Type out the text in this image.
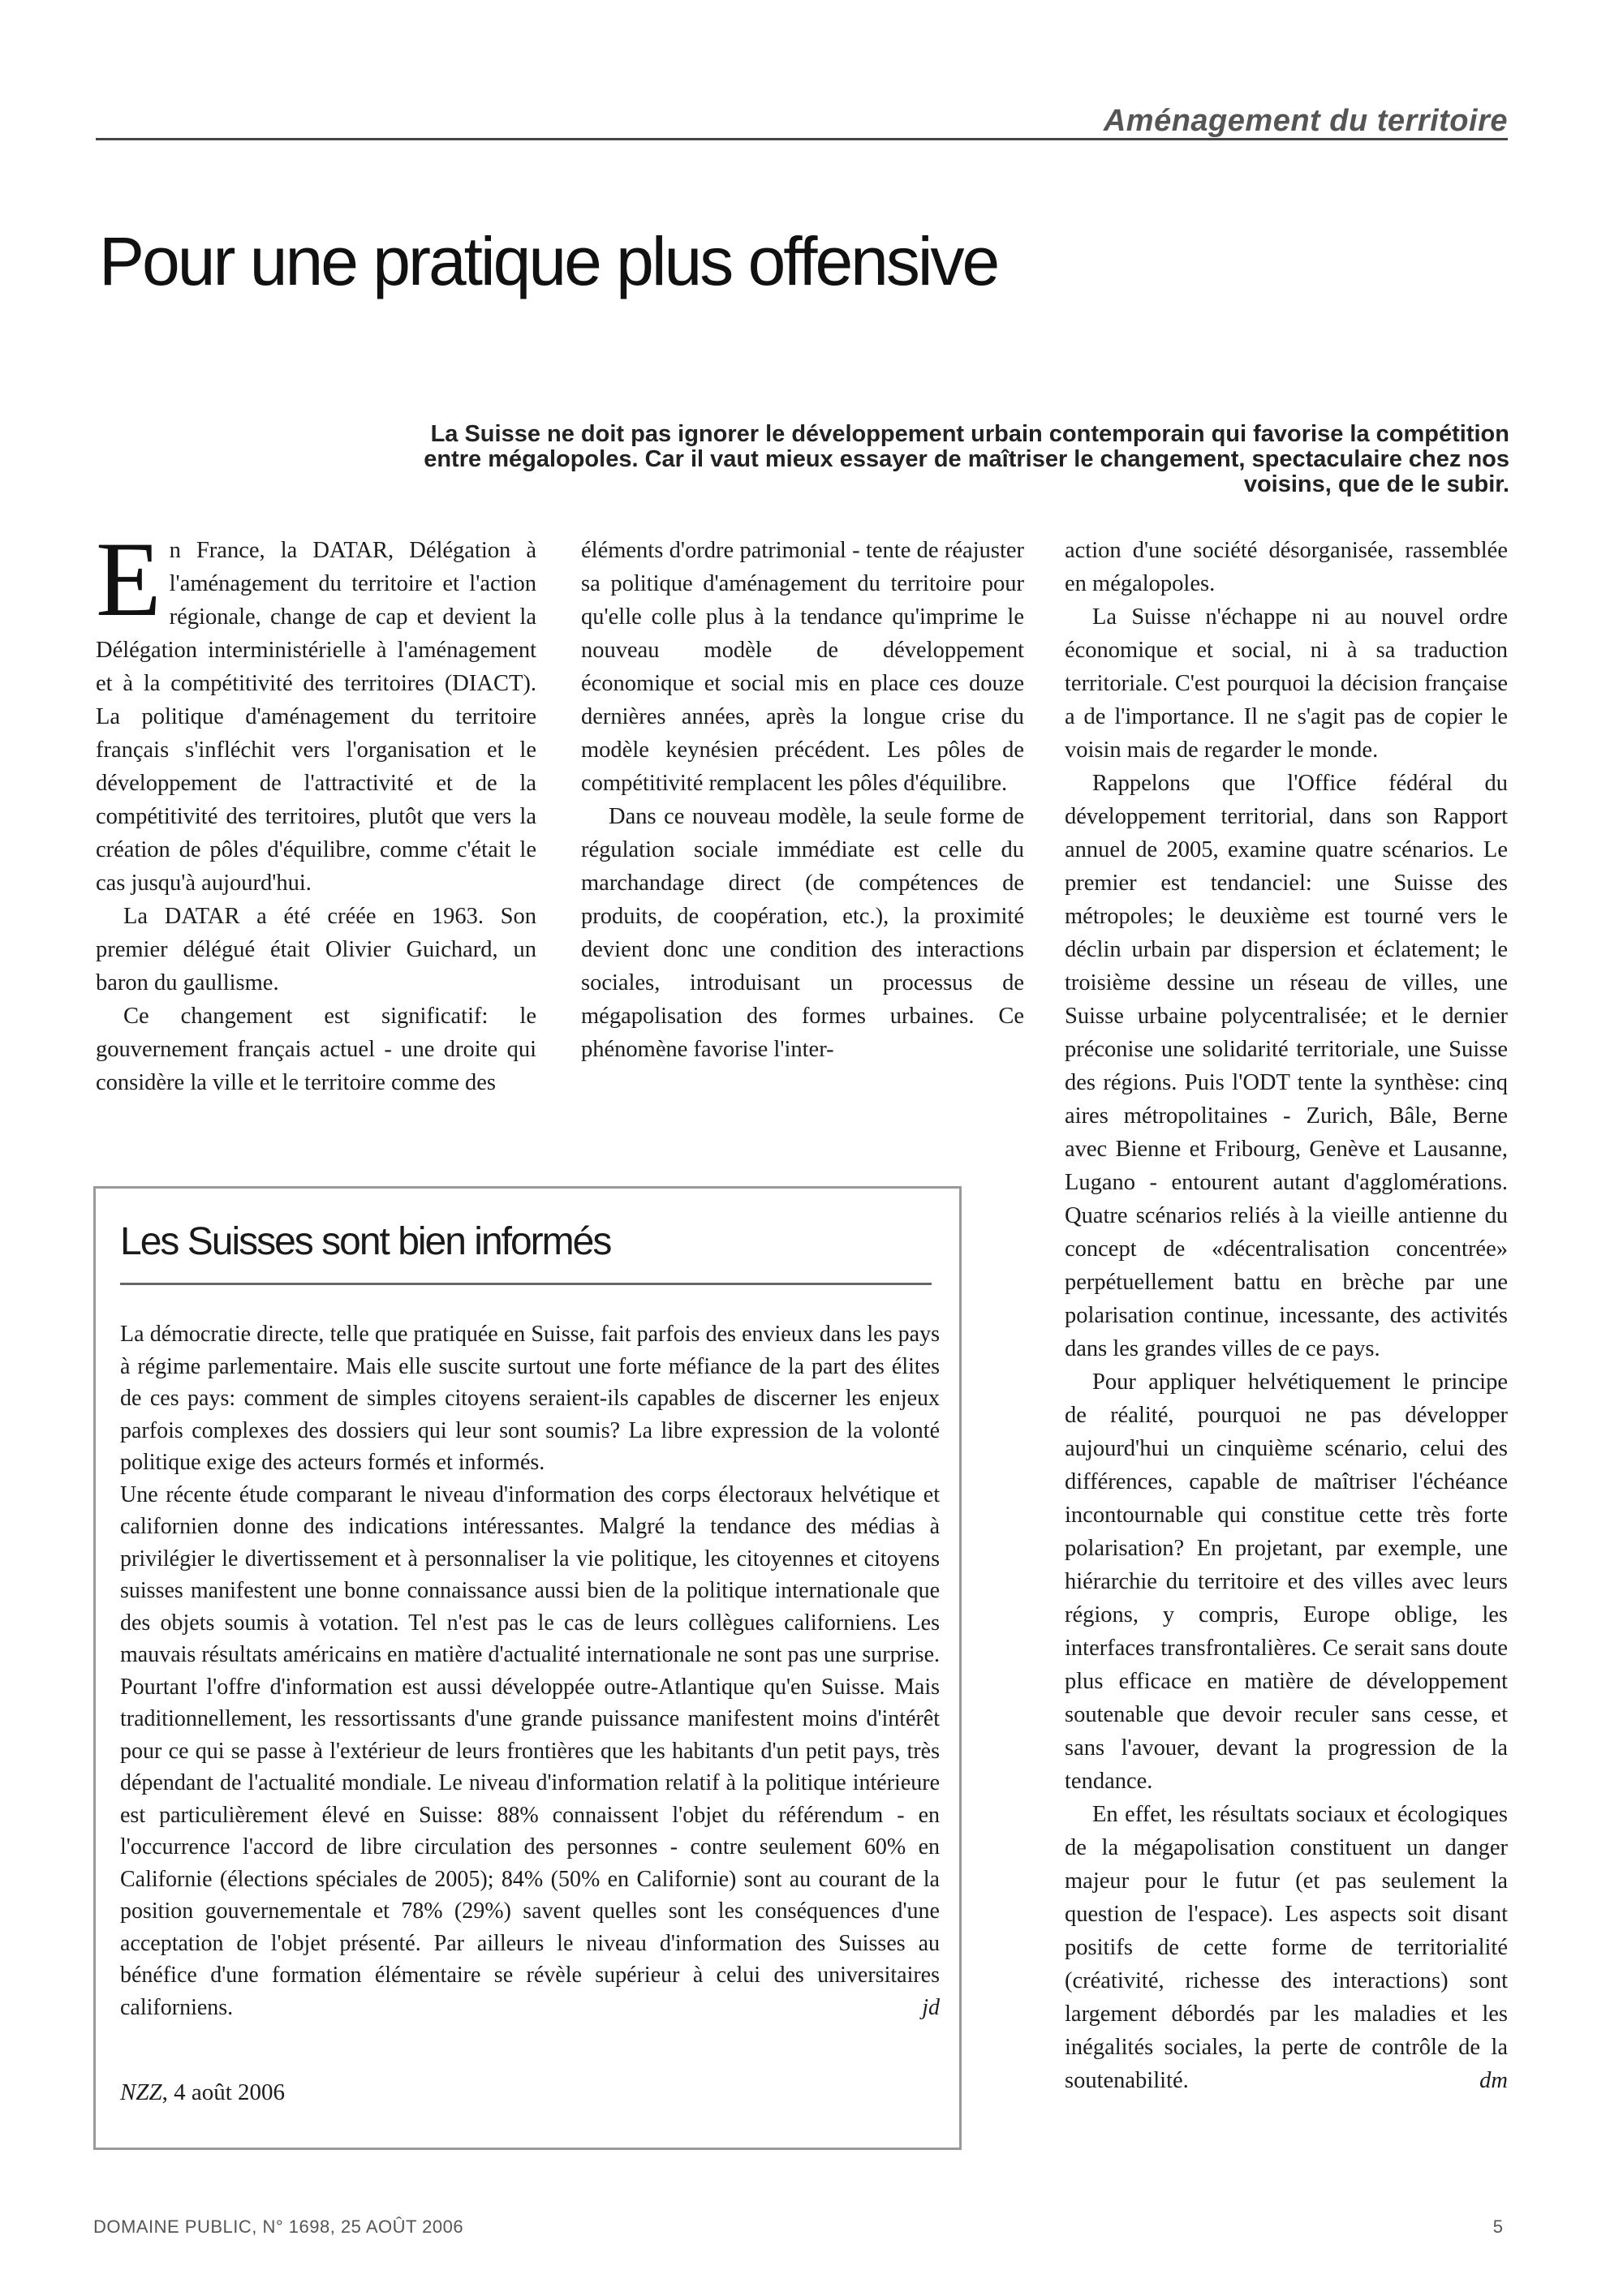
Aménagement du territoire
Pour une pratique plus offensive

La Suisse ne doit pas ignorer le développement urbain contemporain qui favorise la compétition entre mégalopoles. Car il vaut mieux essayer de maîtriser le changement, spectaculaire chez nos voisins, que de le subir.

En France, la DATAR, Délégation à l'aménagement du territoire et l'action régionale, change de cap et devient la Délégation interministérielle à l'aménagement et à la compétitivité des territoires (DIACT). La politique d'aménagement du territoire français s'infléchit vers l'organisation et le développement de l'attractivité et de la compétitivité des territoires, plutôt que vers la création de pôles d'équilibre, comme c'était le cas jusqu'à aujourd'hui.

La DATAR a été créée en 1963. Son premier délégué était Olivier Guichard, un baron du gaullisme.

Ce changement est significatif: le gouvernement français actuel - une droite qui considère la ville et le territoire comme des

éléments d'ordre patrimonial - tente de réajuster sa politique d'aménagement du territoire pour qu'elle colle plus à la tendance qu'imprime le nouveau modèle de développement économique et social mis en place ces douze dernières années, après la longue crise du modèle keynésien précédent. Les pôles de compétitivité remplacent les pôles d'équilibre.

Dans ce nouveau modèle, la seule forme de régulation sociale immédiate est celle du marchandage direct (de compétences de produits, de coopération, etc.), la proximité devient donc une condition des interactions sociales, introduisant un processus de mégapolisation des formes urbaines. Ce phénomène favorise l'inter-

action d'une société désorganisée, rassemblée en mégalopoles.

La Suisse n'échappe ni au nouvel ordre économique et social, ni à sa traduction territoriale. C'est pourquoi la décision française a de l'importance. Il ne s'agit pas de copier le voisin mais de regarder le monde.

Rappelons que l'Office fédéral du développement territorial, dans son Rapport annuel de 2005, examine quatre scénarios. Le premier est tendanciel: une Suisse des métropoles; le deuxième est tourné vers le déclin urbain par dispersion et éclatement; le troisième dessine un réseau de villes, une Suisse urbaine polycentralisée; et le dernier préconise une solidarité territoriale, une Suisse des régions. Puis l'ODT tente la synthèse: cinq aires métropolitaines - Zurich, Bâle, Berne avec Bienne et Fribourg, Genève et Lausanne, Lugano - entourent autant d'agglomérations. Quatre scénarios reliés à la vieille antienne du concept de «décentralisation concentrée» perpétuellement battu en brèche par une polarisation continue, incessante, des activités dans les grandes villes de ce pays.

Pour appliquer helvétiquement le principe de réalité, pourquoi ne pas développer aujourd'hui un cinquième scénario, celui des différences, capable de maîtriser l'échéance incontournable qui constitue cette très forte polarisation? En projetant, par exemple, une hiérarchie du territoire et des villes avec leurs régions, y compris, Europe oblige, les interfaces transfrontalières. Ce serait sans doute plus efficace en matière de développement soutenable que devoir reculer sans cesse, et sans l'avouer, devant la progression de la tendance.

En effet, les résultats sociaux et écologiques de la mégapolisation constituent un danger majeur pour le futur (et pas seulement la question de l'espace). Les aspects soit disant positifs de cette forme de territorialité (créativité, richesse des interactions) sont largement débordés par les maladies et les inégalités sociales, la perte de contrôle de la soutenabilité.	dm

Les Suisses sont bien informés

La démocratie directe, telle que pratiquée en Suisse, fait parfois des envieux dans les pays à régime parlementaire. Mais elle suscite surtout une forte méfiance de la part des élites de ces pays: comment de simples citoyens seraient-ils capables de discerner les enjeux parfois complexes des dossiers qui leur sont soumis? La libre expression de la volonté politique exige des acteurs formés et informés.

Une récente étude comparant le niveau d'information des corps électoraux helvétique et californien donne des indications intéressantes. Malgré la tendance des médias à privilégier le divertissement et à personnaliser la vie politique, les citoyennes et citoyens suisses manifestent une bonne connaissance aussi bien de la politique internationale que des objets soumis à votation. Tel n'est pas le cas de leurs collègues californiens. Les mauvais résultats américains en matière d'actualité internationale ne sont pas une surprise. Pourtant l'offre d'information est aussi développée outre-Atlantique qu'en Suisse. Mais traditionnellement, les ressortissants d'une grande puissance manifestent moins d'intérêt pour ce qui se passe à l'extérieur de leurs frontières que les habitants d'un petit pays, très dépendant de l'actualité mondiale. Le niveau d'information relatif à la politique intérieure est particulièrement élevé en Suisse: 88% connaissent l'objet du référendum - en l'occurrence l'accord de libre circulation des personnes - contre seulement 60% en Californie (élections spéciales de 2005); 84% (50% en Californie) sont au courant de la position gouvernementale et 78% (29%) savent quelles sont les conséquences d'une acceptation de l'objet présenté. Par ailleurs le niveau d'information des Suisses au bénéfice d'une formation élémentaire se révèle supérieur à celui des universitaires californiens.	jd

NZZ, 4 août 2006
DOMAINE PUBLIC, N° 1698, 25 AOÛT 2006	5
